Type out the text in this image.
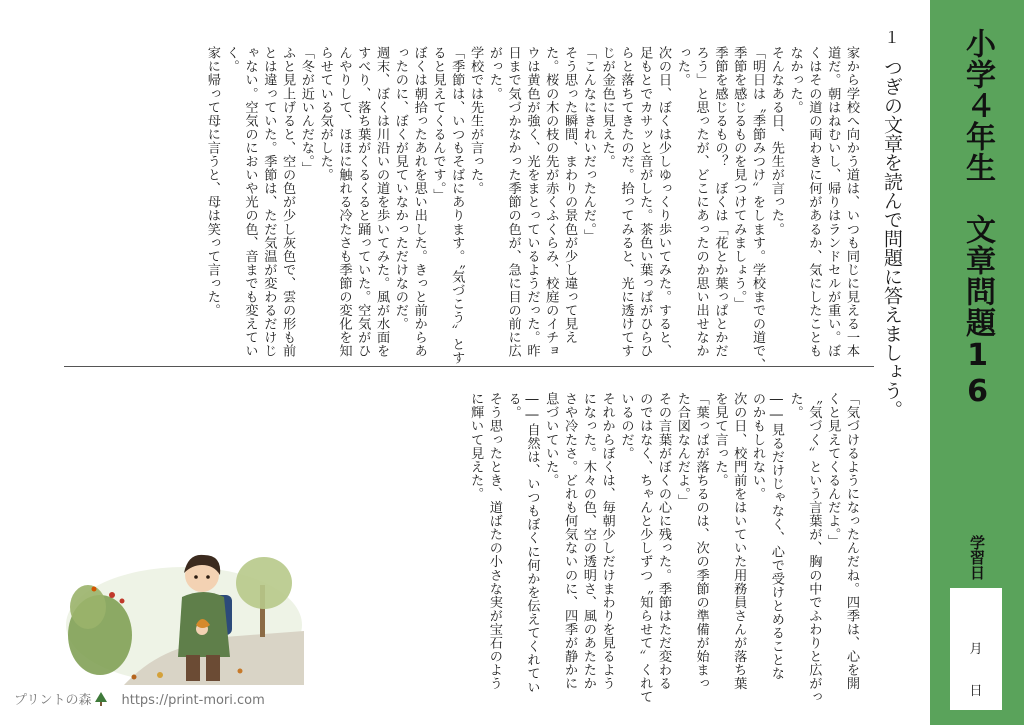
小学４年生　文章問題16
学習日
月
日
１
つぎの文章を読んで問題に答えましょう。
家から学校へ向かう道は、いつも同じに見える一本
道だ。朝はねむいし、帰りはランドセルが重い。ぼ
くはその道の両わきに何があるか、気にしたことも
なかった。
そんなある日、先生が言った。
「明日は〝季節みつけ〟をします。学校までの道で、
季節を感じるものを見つけてみましょう。」
季節を感じるもの？　ぼくは「花とか葉っぱとかだ
ろう」と思ったが、どこにあったのか思い出せなか
った。
次の日、ぼくは少しゆっくり歩いてみた。すると、
足もとでカサッと音がした。茶色い葉っぱがひらひ
らと落ちてきたのだ。拾ってみると、光に透けてす
じが金色に見えた。
「こんなにきれいだったんだ。」
そう思った瞬間、まわりの景色が少し違って見え
た。桜の木の枝の先が赤くふくらみ、校庭のイチョ
ウは黄色が強く、光をまとっているようだった。昨
日まで気づかなかった季節の色が、急に目の前に広
がった。
学校では先生が言った。
「季節は、いつもそばにあります。〝気づこう〟とす
ると見えてくるんです。」
ぼくは朝拾ったあれを思い出した。きっと前からあ
ったのに、ぼくが見ていなかっただけなのだ。
週末、ぼくは川沿いの道を歩いてみた。風が水面を
すべり、落ち葉がくるくると踊っていた。空気がひ
んやりして、ほほに触れる冷たさも季節の変化を知
らせている気がした。
「冬が近いんだな。」
ふと見上げると、空の色が少し灰色で、雲の形も前
とは違っていた。季節は、ただ気温が変わるだけじ
ゃない。空気のにおいや光の色、音までも変えてい
く。
家に帰って母に言うと、母は笑って言った。
「気づけるようになったんだね。四季は、心を開
くと見えてくるんだよ。」
〝気づく〟という言葉が、胸の中でふわりと広がっ
た。
――見るだけじゃなく、心で受けとめることな
のかもしれない。
次の日、校門前をはいていた用務員さんが落ち葉
を見て言った。
「葉っぱが落ちるのは、次の季節の準備が始まっ
た合図なんだよ。」
その言葉がぼくの心に残った。季節はただ変わる
のではなく、ちゃんと少しずつ〝知らせて〟くれて
いるのだ。
それからぼくは、毎朝少しだけまわりを見るよう
になった。木々の色、空の透明さ、風のあたたか
さや冷たさ。どれも何気ないのに、四季が静かに
息づいていた。
――自然は、いつもぼくに何かを伝えてくれてい
る。
そう思ったとき、道ばたの小さな実が宝石のよう
に輝いて見えた。
プリントの森 https://print-mori.com
